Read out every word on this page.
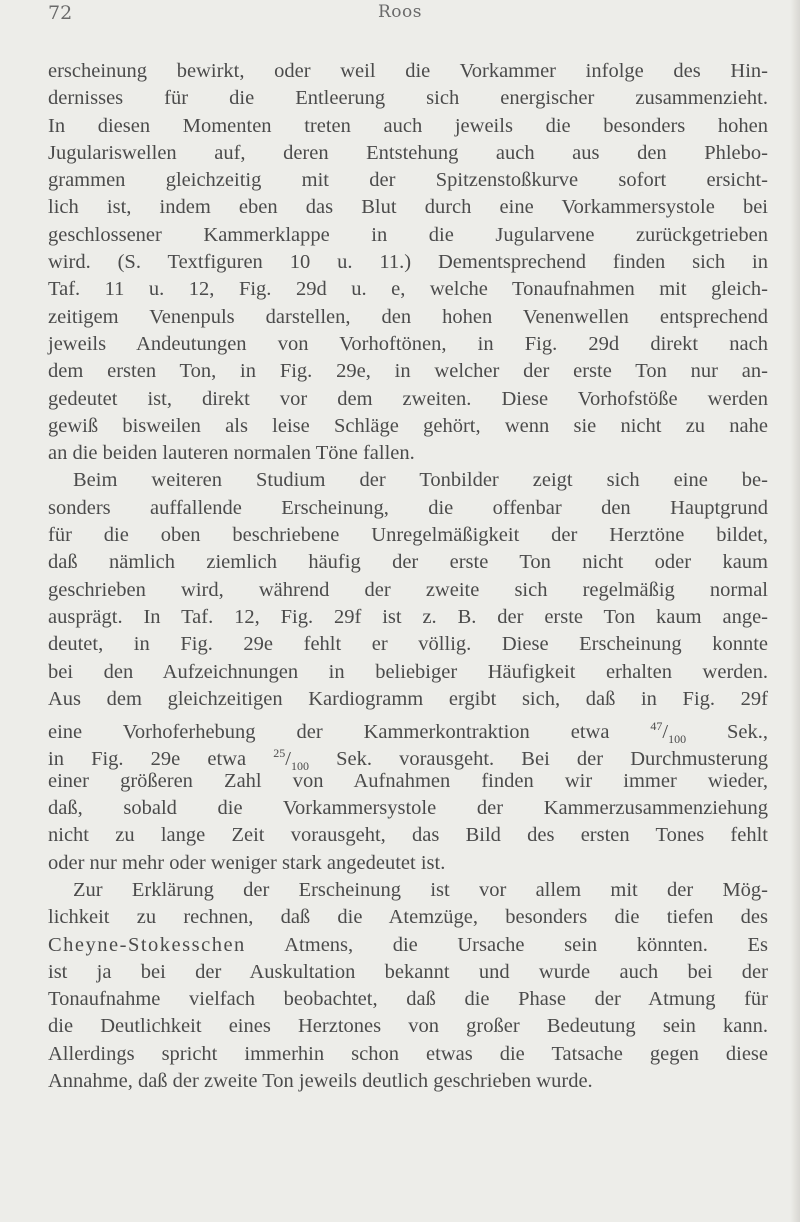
72	Roos
erscheinung bewirkt, oder weil die Vorkammer infolge des Hin-
dernisses für die Entleerung sich energischer zusammenzieht.
In diesen Momenten treten auch jeweils die besonders hohen
Jugulariswellen auf, deren Entstehung auch aus den Phlebo-
grammen gleichzeitig mit der Spitzenstoßkurve sofort ersicht-
lich ist, indem eben das Blut durch eine Vorkammersystole bei
geschlossener Kammerklappe in die Jugularvene zurückgetrieben
wird. (S. Textfiguren 10 u. 11.) Dementsprechend finden sich in
Taf. 11 u. 12, Fig. 29d u. e, welche Tonaufnahmen mit gleich-
zeitigem Venenpuls darstellen, den hohen Venenwellen entsprechend
jeweils Andeutungen von Vorhoftönen, in Fig. 29d direkt nach
dem ersten Ton, in Fig. 29e, in welcher der erste Ton nur an-
gedeutet ist, direkt vor dem zweiten. Diese Vorhofstöße werden
gewiß bisweilen als leise Schläge gehört, wenn sie nicht zu nahe
an die beiden lauteren normalen Töne fallen.
Beim weiteren Studium der Tonbilder zeigt sich eine be-
sonders auffallende Erscheinung, die offenbar den Hauptgrund
für die oben beschriebene Unregelmäßigkeit der Herztöne bildet,
daß nämlich ziemlich häufig der erste Ton nicht oder kaum
geschrieben wird, während der zweite sich regelmäßig normal
ausprägt. In Taf. 12, Fig. 29f ist z. B. der erste Ton kaum ange-
deutet, in Fig. 29e fehlt er völlig. Diese Erscheinung konnte
bei den Aufzeichnungen in beliebiger Häufigkeit erhalten werden.
Aus dem gleichzeitigen Kardiogramm ergibt sich, daß in Fig. 29f
eine Vorhoferhebung der Kammerkontraktion etwa $^{47}/_{100}$ Sek.,
in Fig. 29e etwa $^{25}/_{100}$ Sek. vorausgeht. Bei der Durchmusterung
einer größeren Zahl von Aufnahmen finden wir immer wieder,
daß, sobald die Vorkammersystole der Kammerzusammenziehung
nicht zu lange Zeit vorausgeht, das Bild des ersten Tones fehlt
oder nur mehr oder weniger stark angedeutet ist.
Zur Erklärung der Erscheinung ist vor allem mit der Mög-
lichkeit zu rechnen, daß die Atemzüge, besonders die tiefen des
Cheyne-Stokesschen Atmens, die Ursache sein könnten. Es
ist ja bei der Auskultation bekannt und wurde auch bei der
Tonaufnahme vielfach beobachtet, daß die Phase der Atmung für
die Deutlichkeit eines Herztones von großer Bedeutung sein kann.
Allerdings spricht immerhin schon etwas die Tatsache gegen diese
Annahme, daß der zweite Ton jeweils deutlich geschrieben wurde.
